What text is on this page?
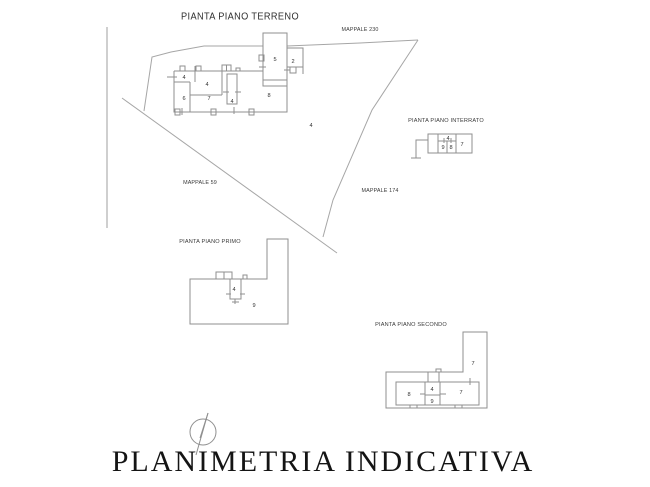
PIANTA PIANO TERRENO
MAPPALE 230
PIANTA PIANO INTERRATO
MAPPALE 59
MAPPALE 174
PIANTA PIANO PRIMO
PIANTA PIANO SECONDO
PLANIMETRIA INDICATIVA
4
4
4
6	7 4
8
5 2
4
9 8 7
4
9
7
8
4
9
7
